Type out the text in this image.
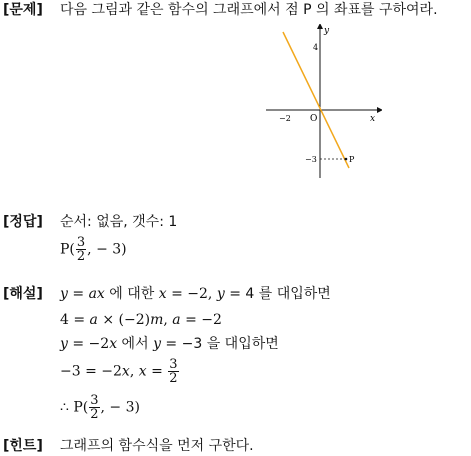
[문제] 다음 그림과 같은 함수의 그래프에서 점 P 의 좌표를 구하여라.
y
x
4
−2 O
−3	P
[정답] 순서: 없음, 갯수: 1
$P( \frac{3}{2}$ , − 3)
[해설] y = ax 에 대한 x = −2, y = 4 를 대입하면
4 = a × (−2)m, a = −2
y = −2x 에서 y = −3 을 대입하면
−3 = −2x, $x = \frac{3}{2}$
∴ $P( \frac{3}{2}$ , − 3)
[힌트] 그래프의 함수식을 먼저 구한다.
